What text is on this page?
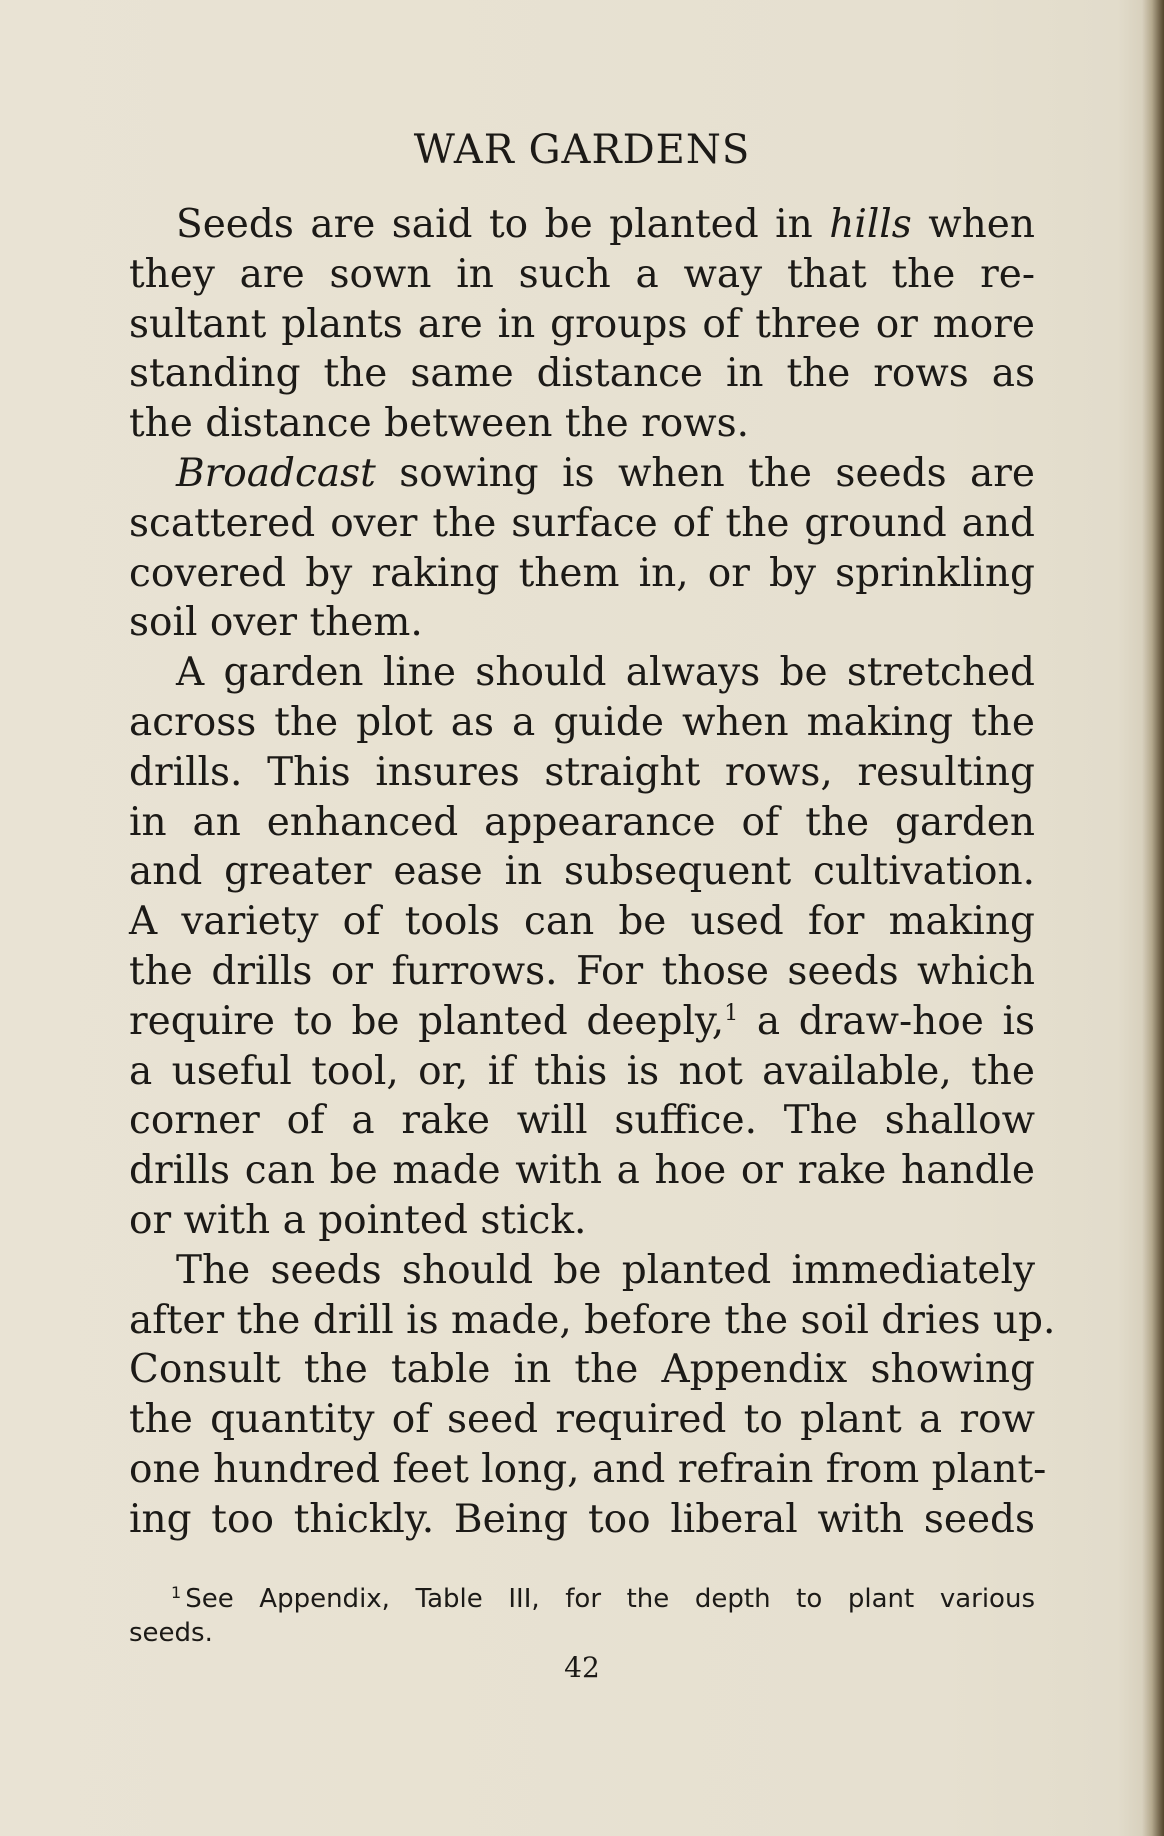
WAR GARDENS
Seeds are said to be planted in hills when
they are sown in such a way that the re-
sultant plants are in groups of three or more
standing the same distance in the rows as
the distance between the rows.
Broadcast sowing is when the seeds are
scattered over the surface of the ground and
covered by raking them in, or by sprinkling
soil over them.
A garden line should always be stretched
across the plot as a guide when making the
drills. This insures straight rows, resulting
in an enhanced appearance of the garden
and greater ease in subsequent cultivation.
A variety of tools can be used for making
the drills or furrows. For those seeds which
require to be planted deeply,$^1$ a draw-hoe is
a useful tool, or, if this is not available, the
corner of a rake will suffice. The shallow
drills can be made with a hoe or rake handle
or with a pointed stick.
The seeds should be planted immediately
after the drill is made, before the soil dries up.
Consult the table in the Appendix showing
the quantity of seed required to plant a row
one hundred feet long, and refrain from plant-
ing too thickly. Being too liberal with seeds
$^1$ See Appendix, Table III, for the depth to plant various
seeds.
42
